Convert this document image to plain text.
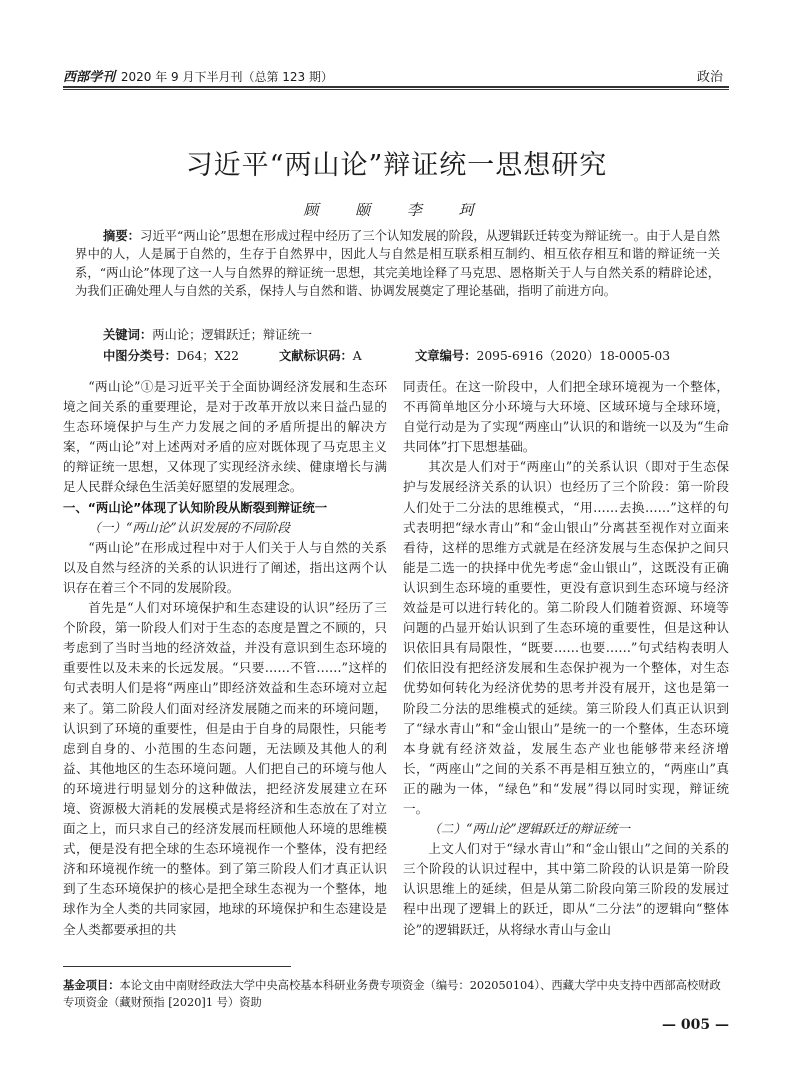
西部学刊 2020 年 9 月下半月刊（总第 123 期）	政治
习近平“两山论”辩证统一思想研究
顾 颐 李 珂
摘要：习近平“两山论”思想在形成过程中经历了三个认知发展的阶段，从逻辑跃迁转变为辩证统一。由于人是自然界中的人，人是属于自然的，生存于自然界中，因此人与自然是相互联系相互制约、相互依存相互和谐的辩证统一关系，“两山论”体现了这一人与自然界的辩证统一思想，其完美地诠释了马克思、恩格斯关于人与自然关系的精辟论述，为我们正确处理人与自然的关系，保持人与自然和谐、协调发展奠定了理论基础，指明了前进方向。
关键词：两山论；逻辑跃迁；辩证统一
中图分类号：D64；X22	文献标识码：A	文章编号：2095-6916（2020）18-0005-03

“两山论”①是习近平关于全面协调经济发展和生态环境之间关系的重要理论，是对于改革开放以来日益凸显的生态环境保护与生产力发展之间的矛盾所提出的解决方案，“两山论”对上述两对矛盾的应对既体现了马克思主义的辩证统一思想，又体现了实现经济永续、健康增长与满足人民群众绿色生活美好愿望的发展理念。

一、“两山论”体现了认知阶段从断裂到辩证统一

（一）“两山论”认识发展的不同阶段

“两山论”在形成过程中对于人们关于人与自然的关系以及自然与经济的关系的认识进行了阐述，指出这两个认识存在着三个不同的发展阶段。

首先是“人们对环境保护和生态建设的认识”经历了三个阶段，第一阶段人们对于生态的态度是置之不顾的，只考虑到了当时当地的经济效益，并没有意识到生态环境的重要性以及未来的长远发展。“只要……不管……”这样的句式表明人们是将“两座山”即经济效益和生态环境对立起来了。第二阶段人们面对经济发展随之而来的环境问题，认识到了环境的重要性，但是由于自身的局限性，只能考虑到自身的、小范围的生态问题，无法顾及其他人的利益、其他地区的生态环境问题。人们把自己的环境与他人的环境进行明显划分的这种做法，把经济发展建立在环境、资源极大消耗的发展模式是将经济和生态放在了对立面之上，而只求自己的经济发展而枉顾他人环境的思维模式，便是没有把全球的生态环境视作一个整体，没有把经济和环境视作统一的整体。到了第三阶段人们才真正认识到了生态环境保护的核心是把全球生态视为一个整体，地球作为全人类的共同家园，地球的环境保护和生态建设是全人类都要承担的共

同责任。在这一阶段中，人们把全球环境视为一个整体，不再简单地区分小环境与大环境、区域环境与全球环境，自觉行动是为了实现“两座山”认识的和谐统一以及为“生命共同体”打下思想基础。

其次是人们对于“两座山”的关系认识（即对于生态保护与发展经济关系的认识）也经历了三个阶段：第一阶段人们处于二分法的思维模式，“用……去换……”这样的句式表明把“绿水青山”和“金山银山”分离甚至视作对立面来看待，这样的思维方式就是在经济发展与生态保护之间只能是二选一的抉择中优先考虑“金山银山”，这既没有正确认识到生态环境的重要性，更没有意识到生态环境与经济效益是可以进行转化的。第二阶段人们随着资源、环境等问题的凸显开始认识到了生态环境的重要性，但是这种认识依旧具有局限性，“既要……也要……”句式结构表明人们依旧没有把经济发展和生态保护视为一个整体，对生态优势如何转化为经济优势的思考并没有展开，这也是第一阶段二分法的思维模式的延续。第三阶段人们真正认识到了“绿水青山”和“金山银山”是统一的一个整体，生态环境本身就有经济效益，发展生态产业也能够带来经济增长，“两座山”之间的关系不再是相互独立的，“两座山”真正的融为一体，“绿色”和“发展”得以同时实现，辩证统一。

（二）“两山论”逻辑跃迁的辩证统一

上文人们对于“绿水青山”和“金山银山”之间的关系的三个阶段的认识过程中，其中第二阶段的认识是第一阶段认识思维上的延续，但是从第二阶段向第三阶段的发展过程中出现了逻辑上的跃迁，即从“二分法”的逻辑向“整体论”的逻辑跃迁，从将绿水青山与金山

基金项目：本论文由中南财经政法大学中央高校基本科研业务费专项资金（编号：202050104）、西藏大学中央支持中西部高校财政专项资金（藏财预指 [2020]1 号）资助
— 005 —
